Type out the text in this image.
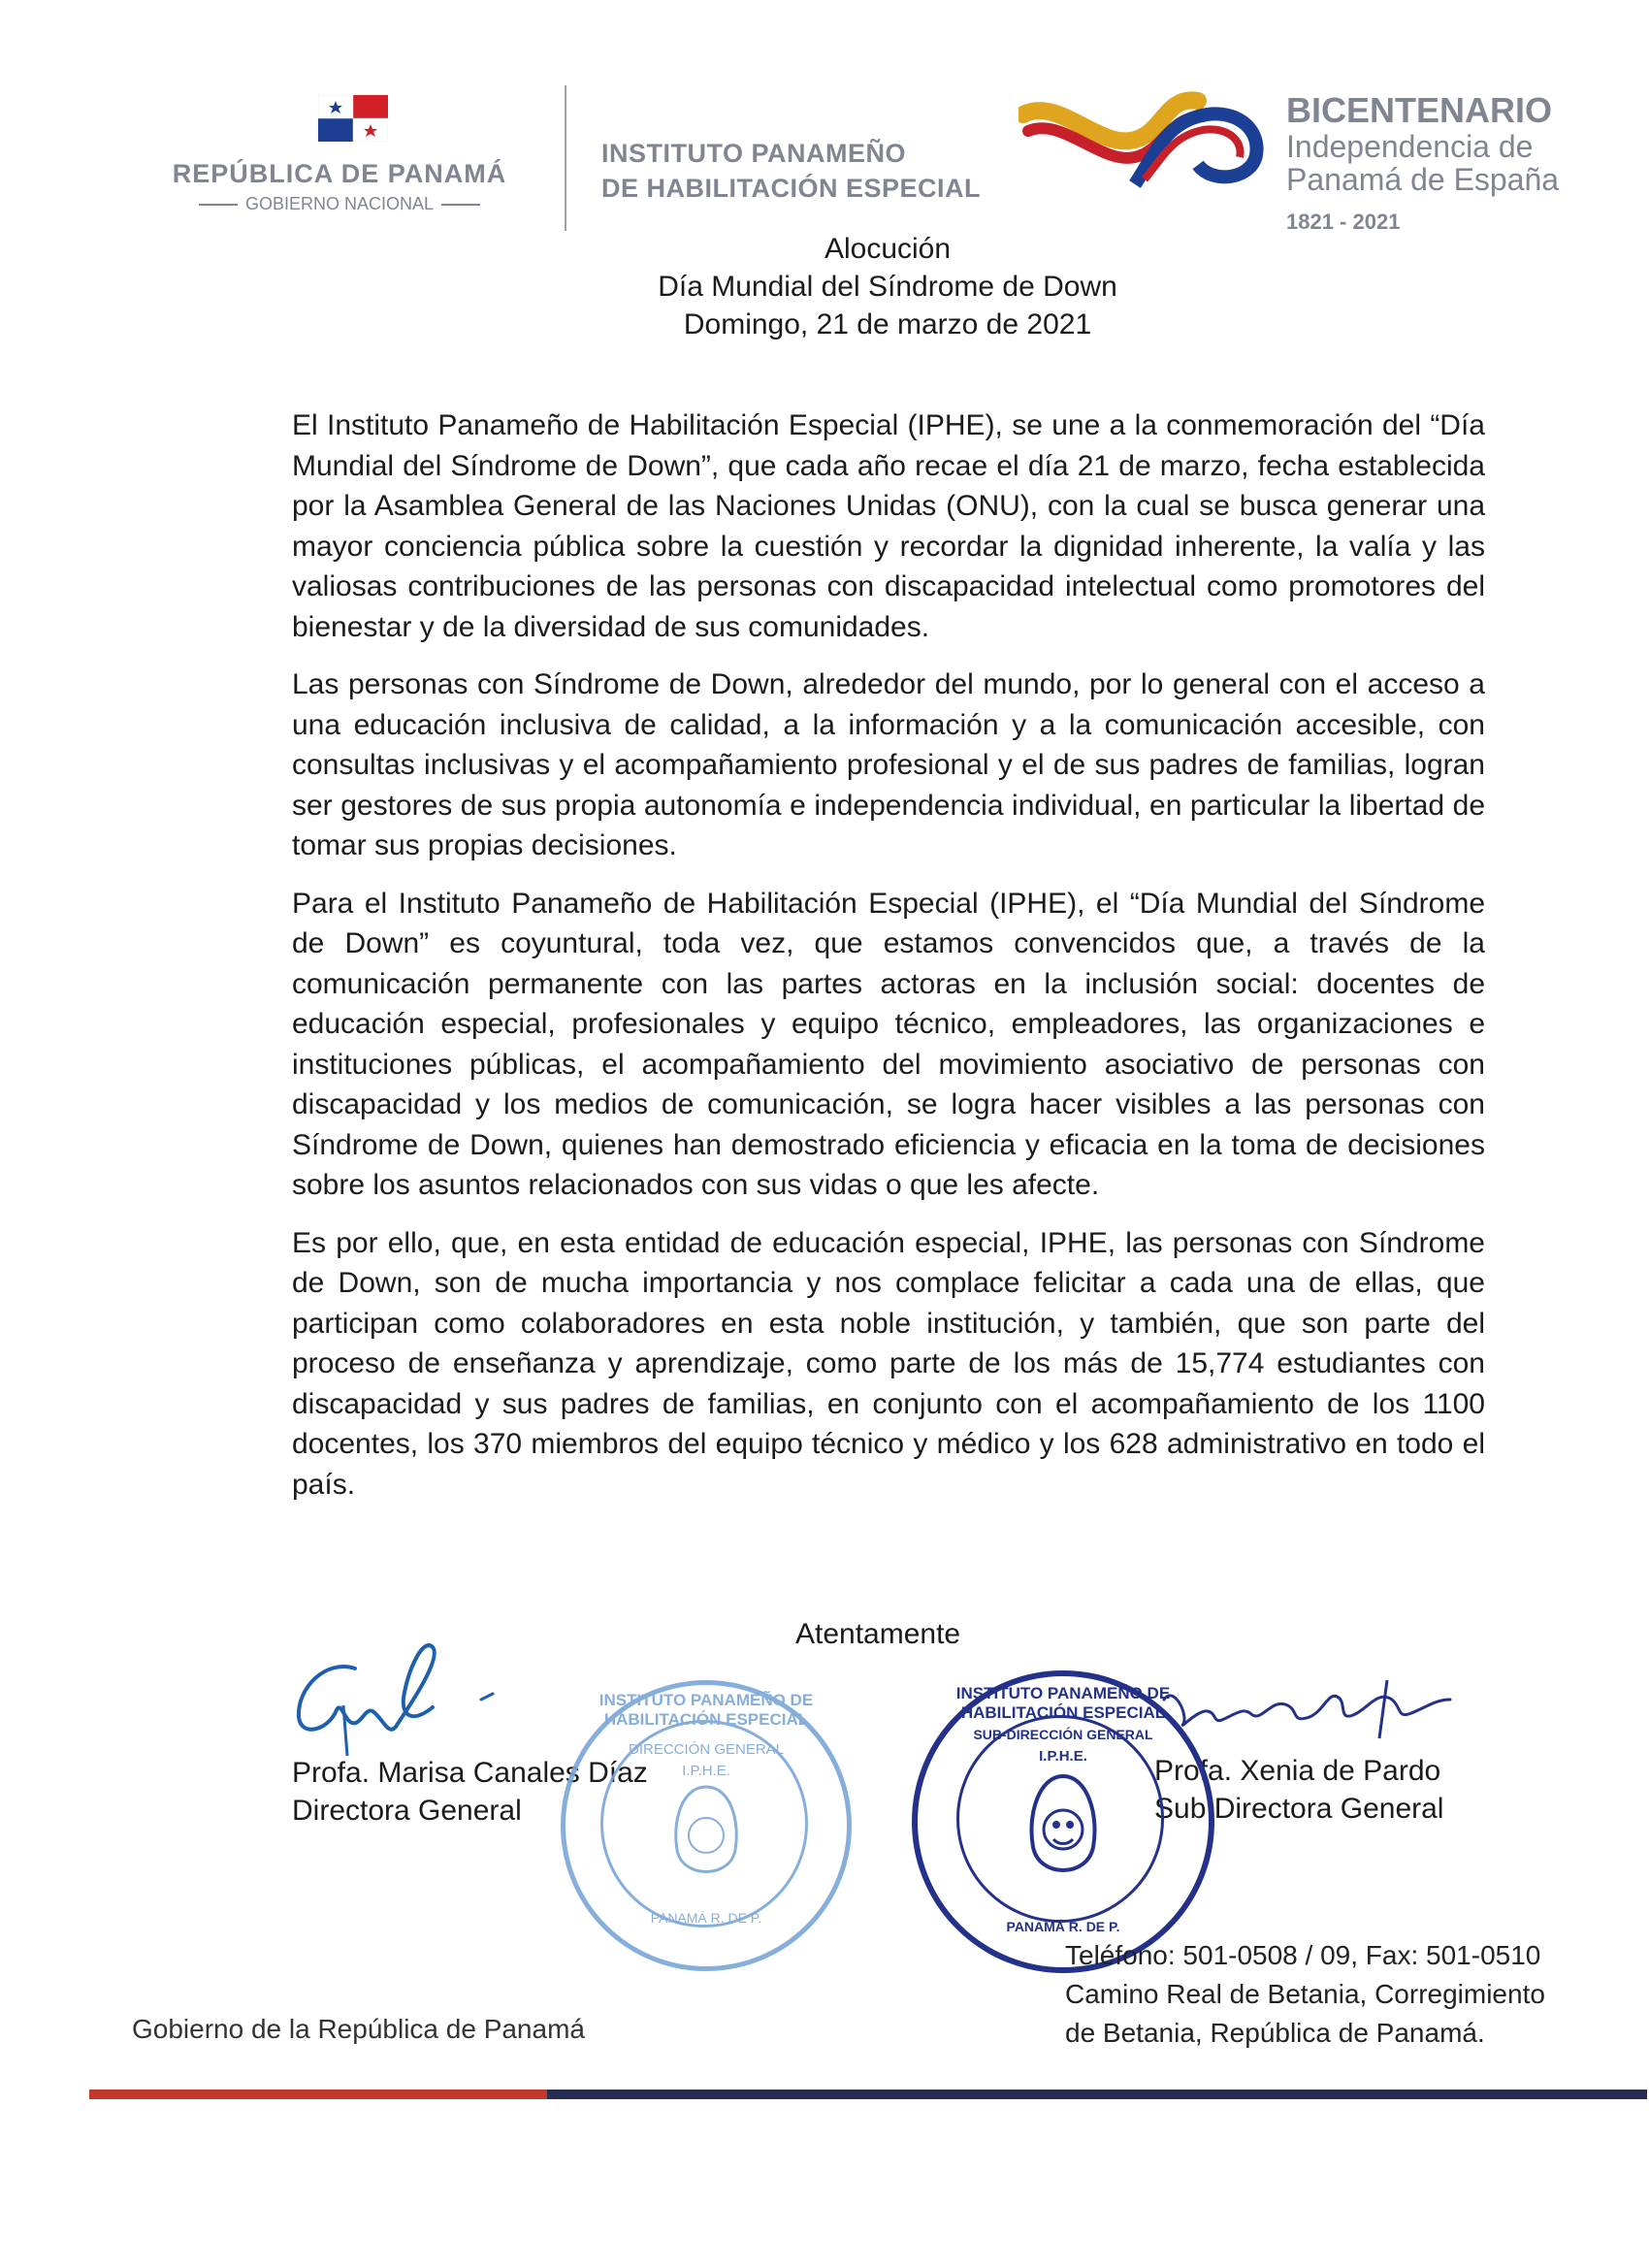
REPÚBLICA DE PANAMÁ
GOBIERNO NACIONAL
INSTITUTO PANAMEÑO
DE HABILITACIÓN ESPECIAL
BICENTENARIO
Independencia de
Panamá de España
1821 - 2021
Alocución
Día Mundial del Síndrome de Down
Domingo, 21 de marzo de 2021

El Instituto Panameño de Habilitación Especial (IPHE), se une a la conmemoración del “Día Mundial del Síndrome de Down”, que cada año recae el día 21 de marzo, fecha establecida por la Asamblea General de las Naciones Unidas (ONU), con la cual se busca generar una mayor conciencia pública sobre la cuestión y recordar la dignidad inherente, la valía y las valiosas contribuciones de las personas con discapacidad intelectual como promotores del bienestar y de la diversidad de sus comunidades.

Las personas con Síndrome de Down, alrededor del mundo, por lo general con el acceso a una educación inclusiva de calidad, a la información y a la comunicación accesible, con consultas inclusivas y el acompañamiento profesional y el de sus padres de familias, logran ser gestores de sus propia autonomía e independencia individual, en particular la libertad de tomar sus propias decisiones.

Para el Instituto Panameño de Habilitación Especial (IPHE), el “Día Mundial del Síndrome de Down” es coyuntural, toda vez, que estamos convencidos que, a través de la comunicación permanente con las partes actoras en la inclusión social: docentes de educación especial, profesionales y equipo técnico, empleadores, las organizaciones e instituciones públicas, el acompañamiento del movimiento asociativo de personas con discapacidad y los medios de comunicación, se logra hacer visibles a las personas con Síndrome de Down, quienes han demostrado eficiencia y eficacia en la toma de decisiones sobre los asuntos relacionados con sus vidas o que les afecte.

Es por ello, que, en esta entidad de educación especial, IPHE, las personas con Síndrome de Down, son de mucha importancia y nos complace felicitar a cada una de ellas, que participan como colaboradores en esta noble institución, y también, que son parte del proceso de enseñanza y aprendizaje, como parte de los más de 15,774 estudiantes con discapacidad y sus padres de familias, en conjunto con el acompañamiento de los 1100 docentes, los 370 miembros del equipo técnico y médico y los 628 administrativo en todo el país.

Atentamente
Profa. Marisa Canales Díaz
Directora General
Profa. Xenia de Pardo
Sub Directora General
INSTITUTO PANAMEÑO DE HABILITACIÓN ESPECIAL
DIRECCIÓN GENERAL
I.P.H.E.
PANAMÁ R. DE P.
INSTITUTO PANAMEÑO DE HABILITACIÓN ESPECIAL
SUB-DIRECCIÓN GENERAL
I.P.H.E.
PANAMÁ R. DE P.
Gobierno de la República de Panamá
Teléfono: 501-0508 / 09, Fax: 501-0510
Camino Real de Betania, Corregimiento
de Betania, República de Panamá.
